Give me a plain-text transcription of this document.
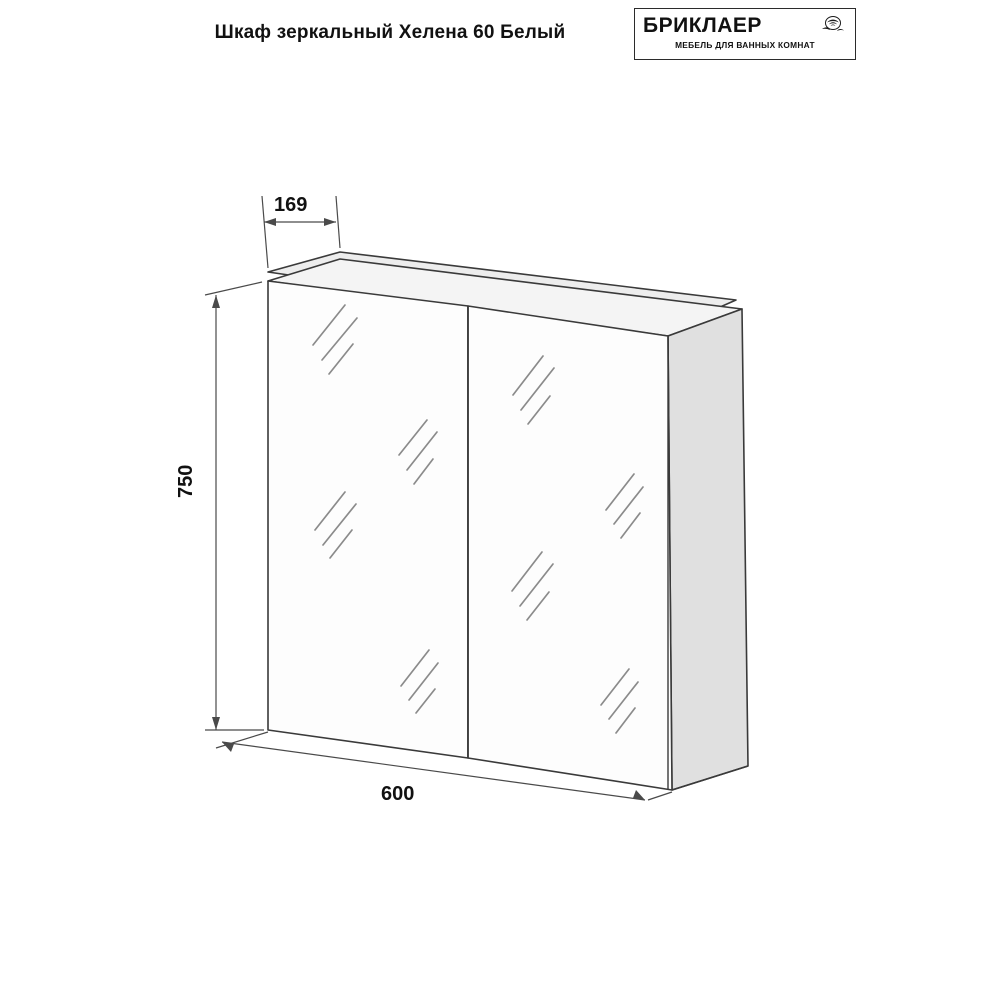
Шкаф зеркальный Хелена 60 Белый	БРИКЛАЕР
МЕБЕЛЬ ДЛЯ ВАННЫХ КОМНАТ
169
750
600
